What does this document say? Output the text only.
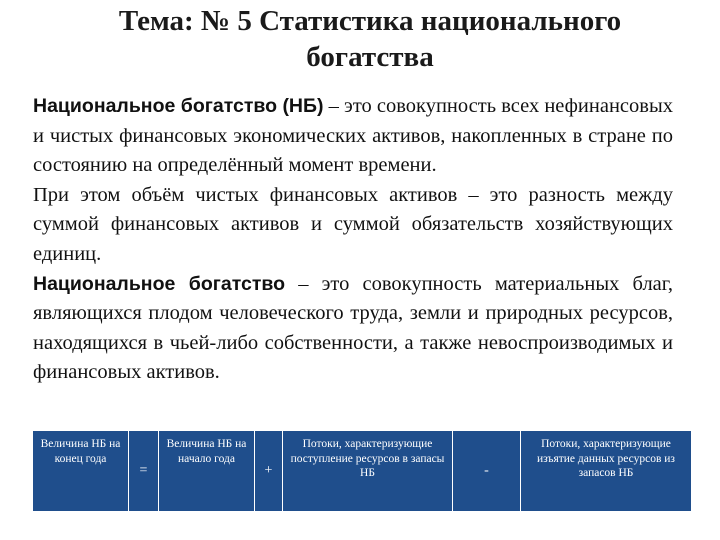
Тема: № 5 Статистика национального
богатства

Национальное богатство (НБ) – это совокупность всех нефинансовых и чистых финансовых экономических активов, накопленных в стране по состоянию на определённый момент времени.

При этом объём чистых финансовых активов – это разность между суммой финансовых активов и суммой обязательств хозяйствующих единиц.

Национальное богатство – это совокупность материальных благ, являющихся плодом человеческого труда, земли и природных ресурсов, находящихся в чьей-либо собственности, а также невоспроизводимых и финансовых активов.

Величина НБ на конец года
=
Величина НБ на начало года
+
Потоки, характеризующие поступление ресурсов в запасы НБ	-
Потоки, характеризующие изъятие данных ресурсов из запасов НБ
